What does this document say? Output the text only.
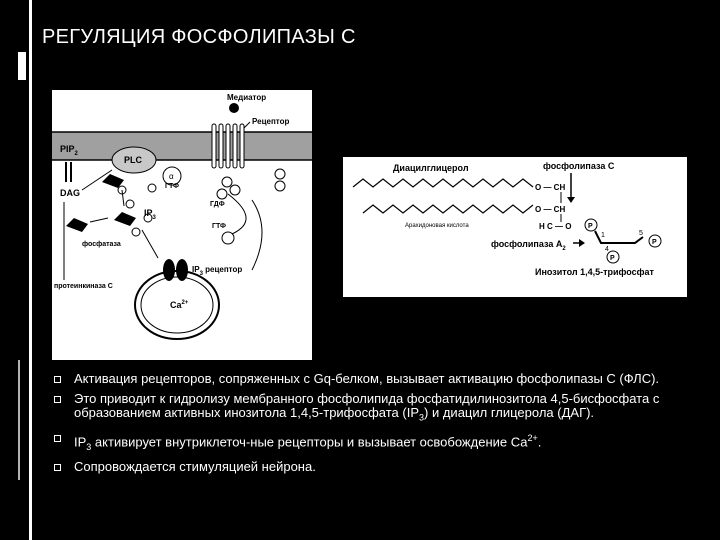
РЕГУЛЯЦИЯ ФОСФОЛИПАЗЫ С
Медиатор
Рецептор
$PIP_2$
PLC
α
ГТФ
ГДФ
DAG
$IP_3$
фосфатаза
ГТФ
$IP_3$ рецептор
$Ca^{2+}$
протеинкиназа С
Диацилглицерол	фосфолипаза С
Арахидоновая кислота
O — CH
O — CH
H C — O
фосфолипаза $А_2$
P
1
P
5
P
4
Инозитол 1,4,5-трифосфат
Активация рецепторов, сопряженных с Gq-белком, вызывает активацию фосфолипазы С (ФЛС).
Это приводит к гидролизу мембранного фосфолипида фосфатидилинозитола 4,5-бисфосфата с образованием активных инозитола 1,4,5-трифосфата $(IP_3)$ и диацил глицерола (ДАГ).
$IP_3$ активирует внутриклеточ-ные рецепторы и вызывает освобождение $Са^{2+}$.
Сопровождается стимуляцией нейрона.
